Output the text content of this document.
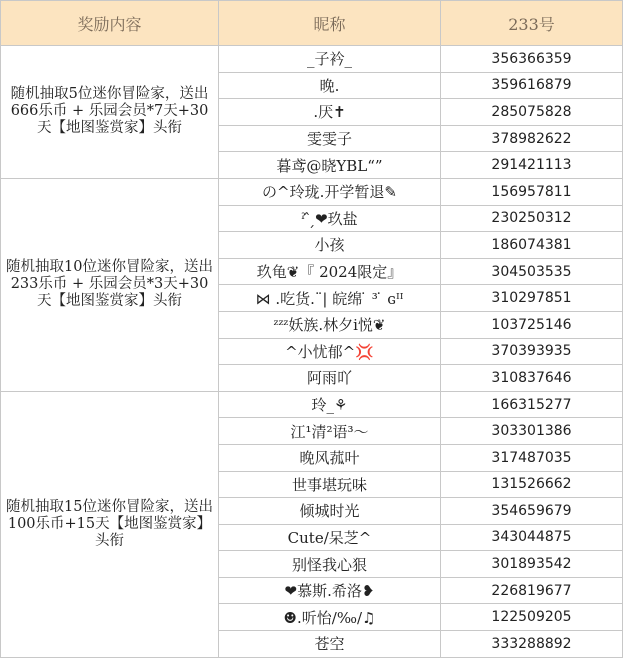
奖励内容	昵称	233号
随机抽取5位迷你冒险家，送出 666乐币 + 乐园会员*7天+30天【地图鉴赏家】头衔	_子衿_	356366359
	晚.	359616879
	.厌✝	285075828
	雯雯子	378982622
	暮鸢@晓YBL“”	291421113
随机抽取10位迷你冒险家，送出 233乐币 + 乐园会员*3天+30天【地图鉴赏家】头衔	の^玲珑.开学暂退✎	156957811
	ˀ ̂ ̗❤玖盐	230250312
	小孩	186074381
	玖龟❦『 2024限定』	304503535
	⋈ .吃货.¨| 皖绵 ̇ ³ ̇ ɢᴵᴵ	310297851
	ᶻᶻᶻ妖族.林夕i悦❦	103725146
	^小忧郁^💢	370393935
	阿雨吖	310837646
随机抽取15位迷你冒险家，送出 100乐币+15天【地图鉴赏家】头衔	玲_⚘	166315277
	江¹清²语³～	303301386
	晚风菰叶	317487035
	世事堪玩味	131526662
	倾城时光	354659679
	Cute/呆芝^	343044875
	别怪我心狠	301893542
	❤慕斯.希洛❥	226819677
	☻.听怡/‰/♫	122509205
	苍空	333288892
